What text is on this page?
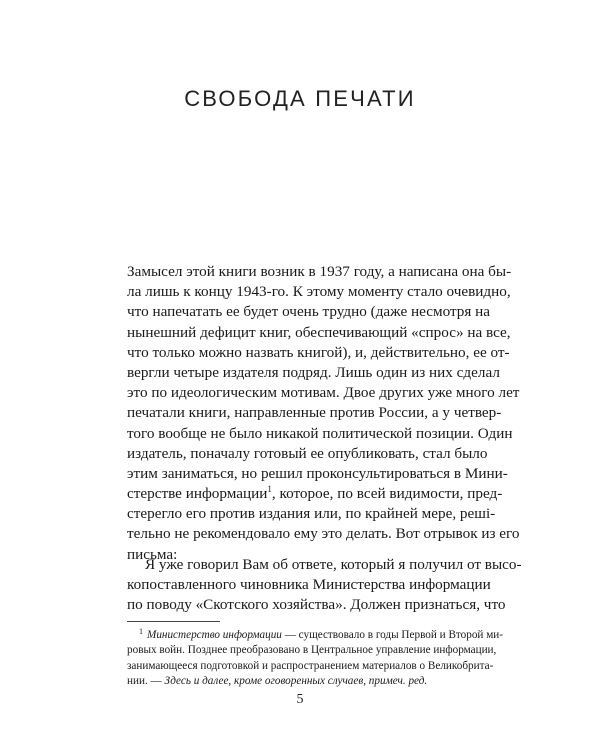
СВОБОДА ПЕЧАТИ
Замысел этой книги возник в 1937 году, а написана она бы-
ла лишь к концу 1943-го. К этому моменту стало очевидно,
что напечатать ее будет очень трудно (даже несмотря на
нынешний дефицит книг, обеспечивающий «спрос» на все,
что только можно назвать книгой), и, действительно, ее от-
вергли четыре издателя подряд. Лишь один из них сделал
это по идеологическим мотивам. Двое других уже много лет
печатали книги, направленные против России, а у четвер-
того вообще не было никакой политической позиции. Один
издатель, поначалу готовый ее опубликовать, стал было
этим заниматься, но решил проконсультироваться в Мини-
стерстве информации$^1$, которое, по всей видимости, пред-
стерегло его против издания или, по крайней мере, решi-
тельно не рекомендовало ему это делать. Вот отрывок из его
письма:
Я уже говорил Вам об ответе, который я получил от высо-
копоставленного чиновника Министерства информации
по поводу «Скотского хозяйства». Должен признаться, что
$^1$ Министерство информации — существовало в годы Первой и Второй ми-
ровых войн. Позднее преобразовано в Центральное управление информации,
занимающееся подготовкой и распространением материалов о Великобрита-
нии. — Здесь и далее, кроме оговоренных случаев, примеч. ред.
5
